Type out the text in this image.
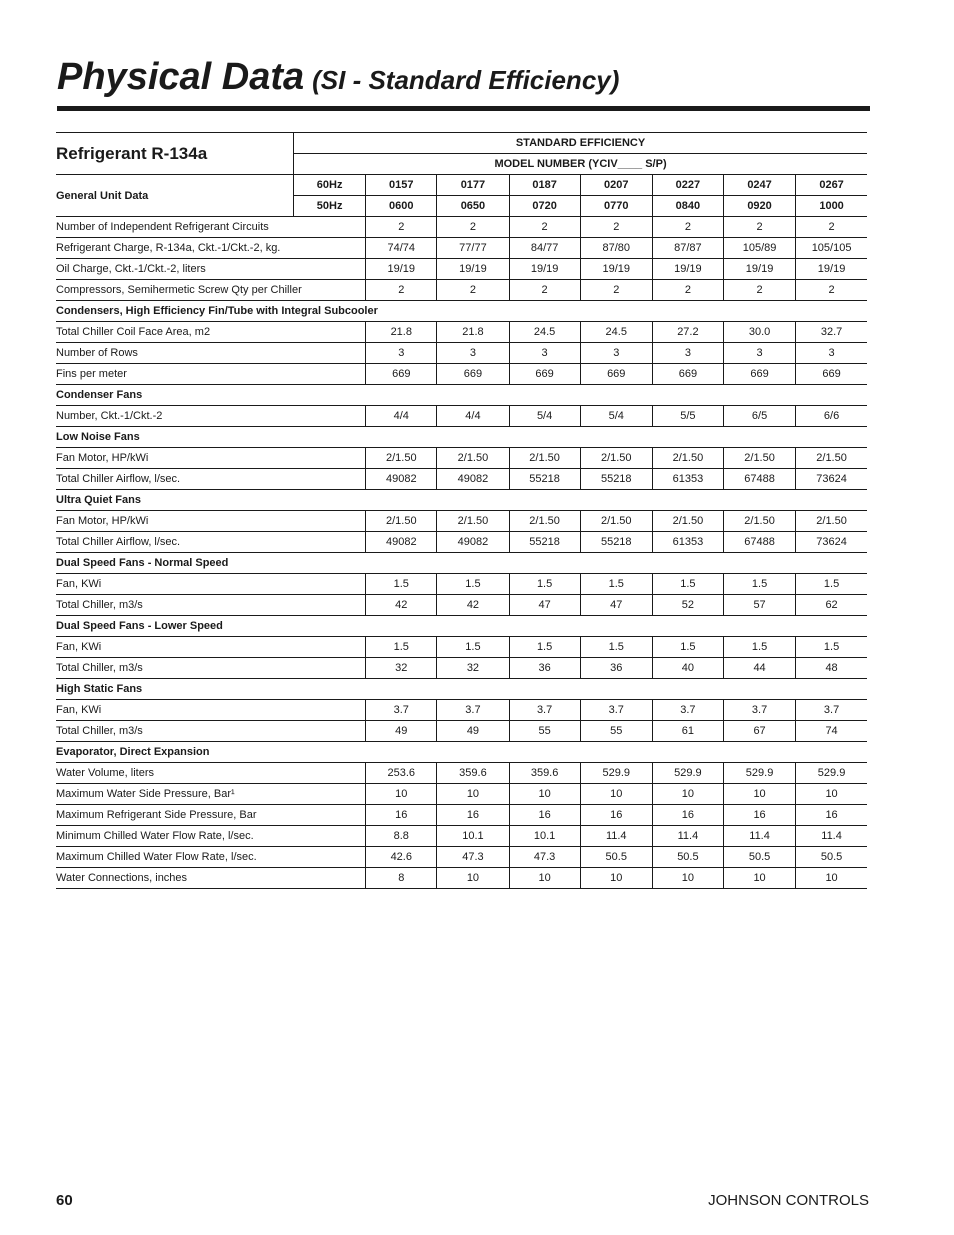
Physical Data (SI - Standard Efficiency)
Refrigerant R-134a	STANDARD EFFICIENCY							
	MODEL NUMBER (YCIV____ S/P)							
General Unit Data	60Hz	0157	0177	0187	0207	0227	0247	0267
	50Hz	0600	0650	0720	0770	0840	0920	1000
Number of Independent Refrigerant Circuits		2	2	2	2	2	2	2
Refrigerant Charge, R-134a, Ckt.-1/Ckt.-2, kg.		74/74	77/77	84/77	87/80	87/87	105/89	105/105
Oil Charge, Ckt.-1/Ckt.-2, liters		19/19	19/19	19/19	19/19	19/19	19/19	19/19
Compressors, Semihermetic Screw Qty per Chiller		2	2	2	2	2	2	2
Condensers, High Efficiency Fin/Tube with Integral Subcooler								
Total Chiller Coil Face Area, m2		21.8	21.8	24.5	24.5	27.2	30.0	32.7
Number of Rows		3	3	3	3	3	3	3
Fins per meter		669	669	669	669	669	669	669
Condenser Fans								
Number, Ckt.-1/Ckt.-2		4/4	4/4	5/4	5/4	5/5	6/5	6/6
Low Noise Fans								
Fan Motor, HP/kWi		2/1.50	2/1.50	2/1.50	2/1.50	2/1.50	2/1.50	2/1.50
Total Chiller Airflow, l/sec.		49082	49082	55218	55218	61353	67488	73624
Ultra Quiet Fans								
Fan Motor, HP/kWi		2/1.50	2/1.50	2/1.50	2/1.50	2/1.50	2/1.50	2/1.50
Total Chiller Airflow, l/sec.		49082	49082	55218	55218	61353	67488	73624
Dual Speed Fans - Normal Speed								
Fan, KWi		1.5	1.5	1.5	1.5	1.5	1.5	1.5
Total Chiller, m3/s		42	42	47	47	52	57	62
Dual Speed Fans - Lower Speed								
Fan, KWi		1.5	1.5	1.5	1.5	1.5	1.5	1.5
Total Chiller, m3/s		32	32	36	36	40	44	48
High Static Fans								
Fan, KWi		3.7	3.7	3.7	3.7	3.7	3.7	3.7
Total Chiller, m3/s		49	49	55	55	61	67	74
Evaporator, Direct Expansion								
Water Volume, liters		253.6	359.6	359.6	529.9	529.9	529.9	529.9
Maximum Water Side Pressure, Bar¹		10	10	10	10	10	10	10
Maximum Refrigerant Side Pressure, Bar		16	16	16	16	16	16	16
Minimum Chilled Water Flow Rate, l/sec.		8.8	10.1	10.1	11.4	11.4	11.4	11.4
Maximum Chilled Water Flow Rate, l/sec.		42.6	47.3	47.3	50.5	50.5	50.5	50.5
Water Connections, inches		8	10	10	10	10	10	10
60	JOHNSON CONTROLS
